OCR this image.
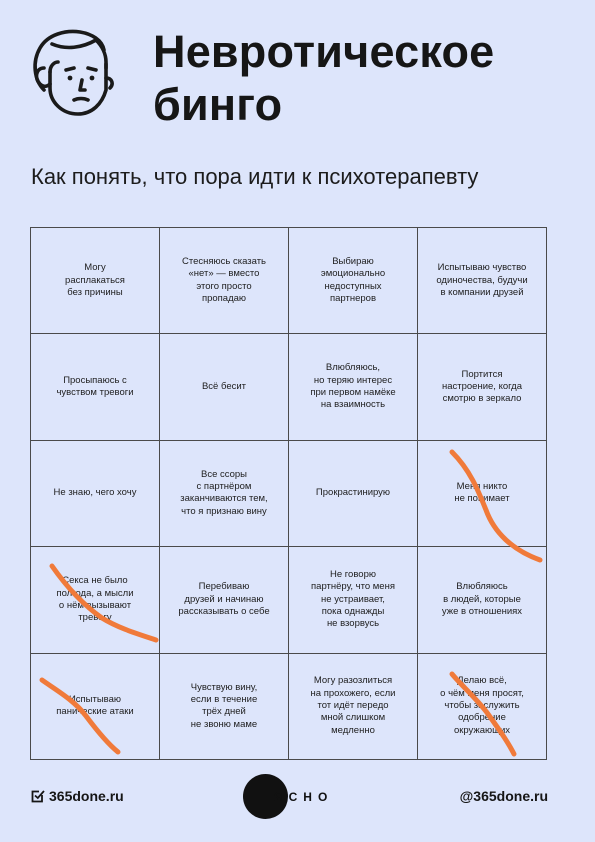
Невротическое
бинго
Как понять, что пора идти к психотерапевту
Могу
расплакаться
без причины
Стесняюсь сказать
«нет» — вместо
этого просто
пропадаю
Выбираю
эмоционально
недоступных
партнеров
Испытываю чувство
одиночества, будучи
в компании друзей
Просыпаюсь с
чувством тревоги
Всё бесит
Влюбляюсь,
но теряю интерес
при первом намёке
на взаимность
Портится
настроение, когда
смотрю в зеркало
Не знаю, чего хочу
Все ссоры
с партнёром
заканчиваются тем,
что я признаю вину
Прокрастинирую
Меня никто
не понимает
Секса не было
полгода, а мысли
о нём вызывают
тревогу
Перебиваю
друзей и начинаю
рассказывать о себе
Не говорю
партнёру, что меня
не устраивает,
пока однажды
не взорвусь
Влюбляюсь
в людей, которые
уже в отношениях
Испытываю
панические атаки
Чувствую вину,
если в течение
трёх дней
не звоню маме
Могу разозлиться
на прохожего, если
тот идёт передо
мной слишком
медленно
Делаю всё,
о чём меня просят,
чтобы заслужить
одобрение
окружающих
365done.ru	ЯСНО	@365done.ru
